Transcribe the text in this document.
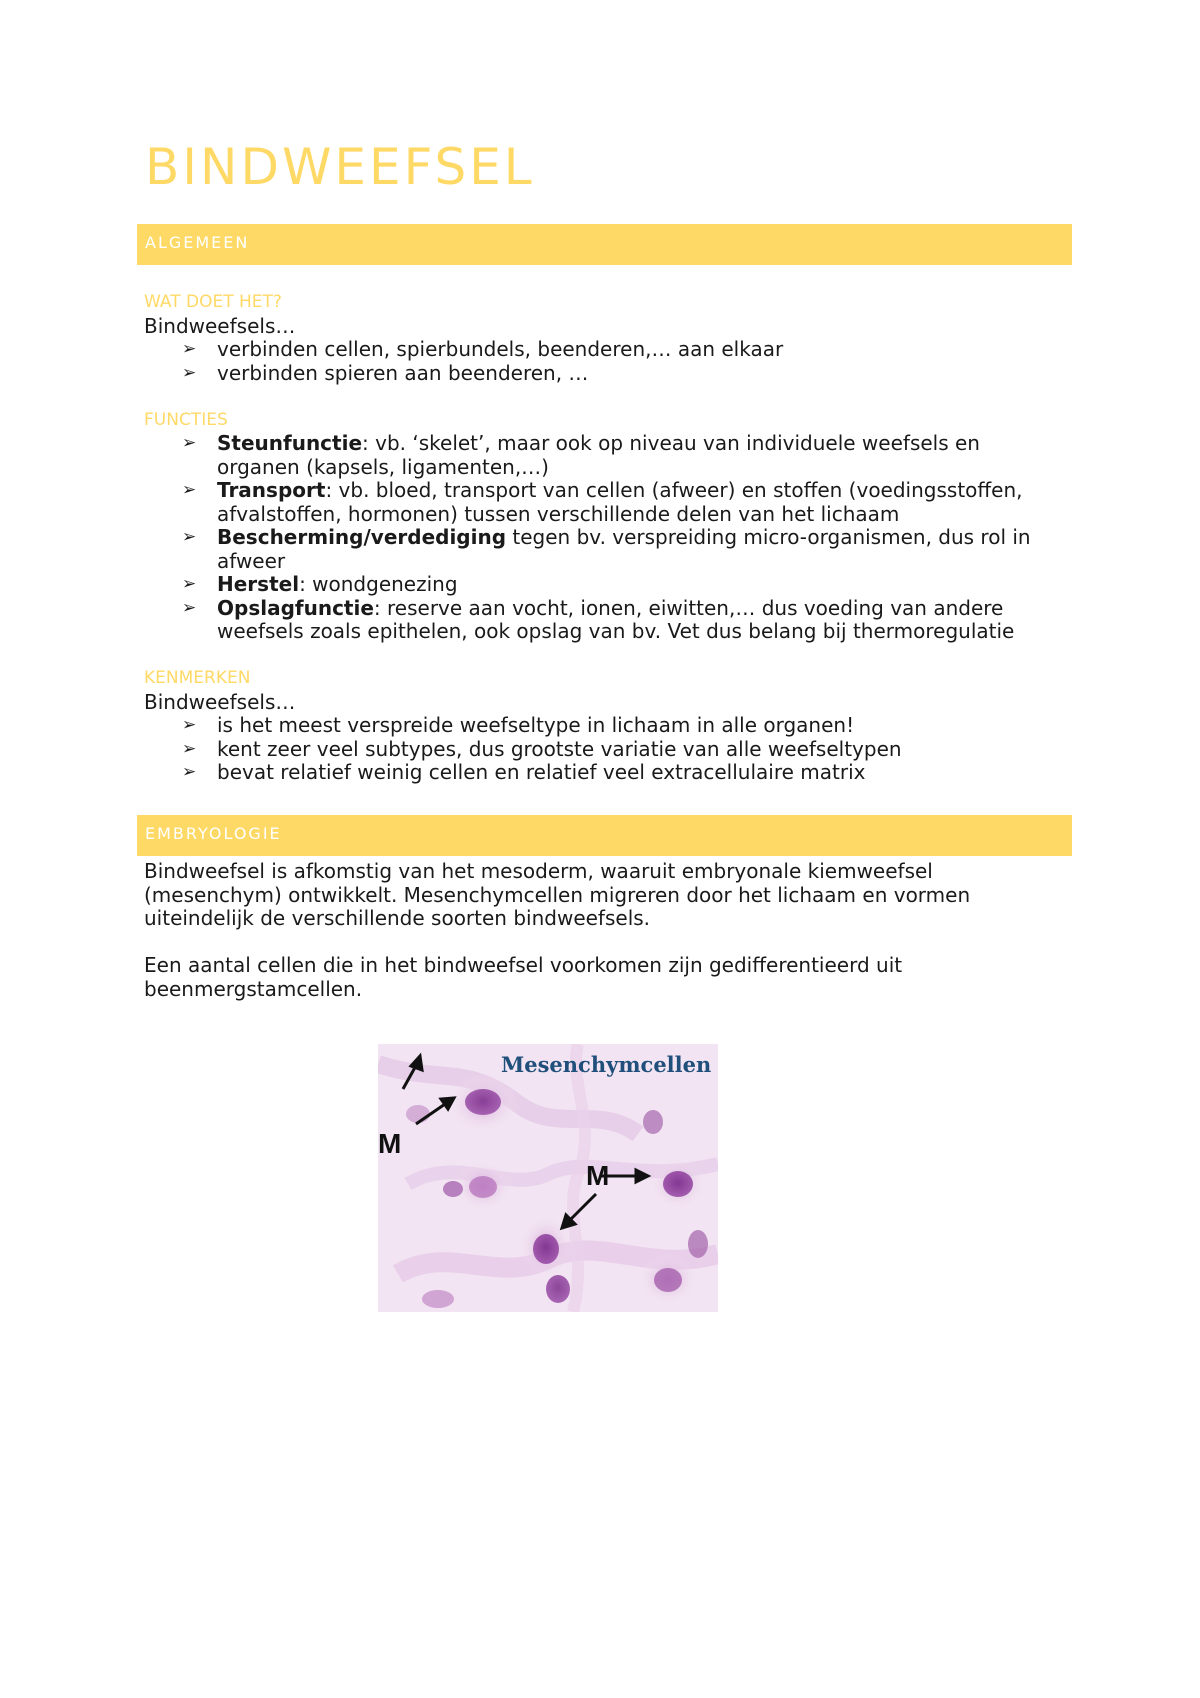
BINDWEEFSEL
ALGEMEEN

WAT DOET HET?

Bindweefsels…

➢ verbinden cellen, spierbundels, beenderen,… aan elkaar
➢ verbinden spieren aan beenderen, …

FUNCTIES

➢ Steunfunctie: vb. ‘skelet’, maar ook op niveau van individuele weefsels en organen (kapsels, ligamenten,…)
➢ Transport: vb. bloed, transport van cellen (afweer) en stoffen (voedingsstoffen, afvalstoffen, hormonen) tussen verschillende delen van het lichaam
➢ Bescherming/verdediging tegen bv. verspreiding micro-organismen, dus rol in afweer
➢ Herstel: wondgenezing
➢ Opslagfunctie: reserve aan vocht, ionen, eiwitten,… dus voeding van andere weefsels zoals epithelen, ook opslag van bv. Vet dus belang bij thermoregulatie

KENMERKEN

Bindweefsels…

➢ is het meest verspreide weefseltype in lichaam in alle organen!
➢ kent zeer veel subtypes, dus grootste variatie van alle weefseltypen
➢ bevat relatief weinig cellen en relatief veel extracellulaire matrix
EMBRYOLOGIE

Bindweefsel is afkomstig van het mesoderm, waaruit embryonale kiemweefsel (mesenchym) ontwikkelt. Mesenchymcellen migreren door het lichaam en vormen uiteindelijk de verschillende soorten bindweefsels.

Een aantal cellen die in het bindweefsel voorkomen zijn gedifferentieerd uit beenmergstamcellen.

Mesenchymcellen
M
M
